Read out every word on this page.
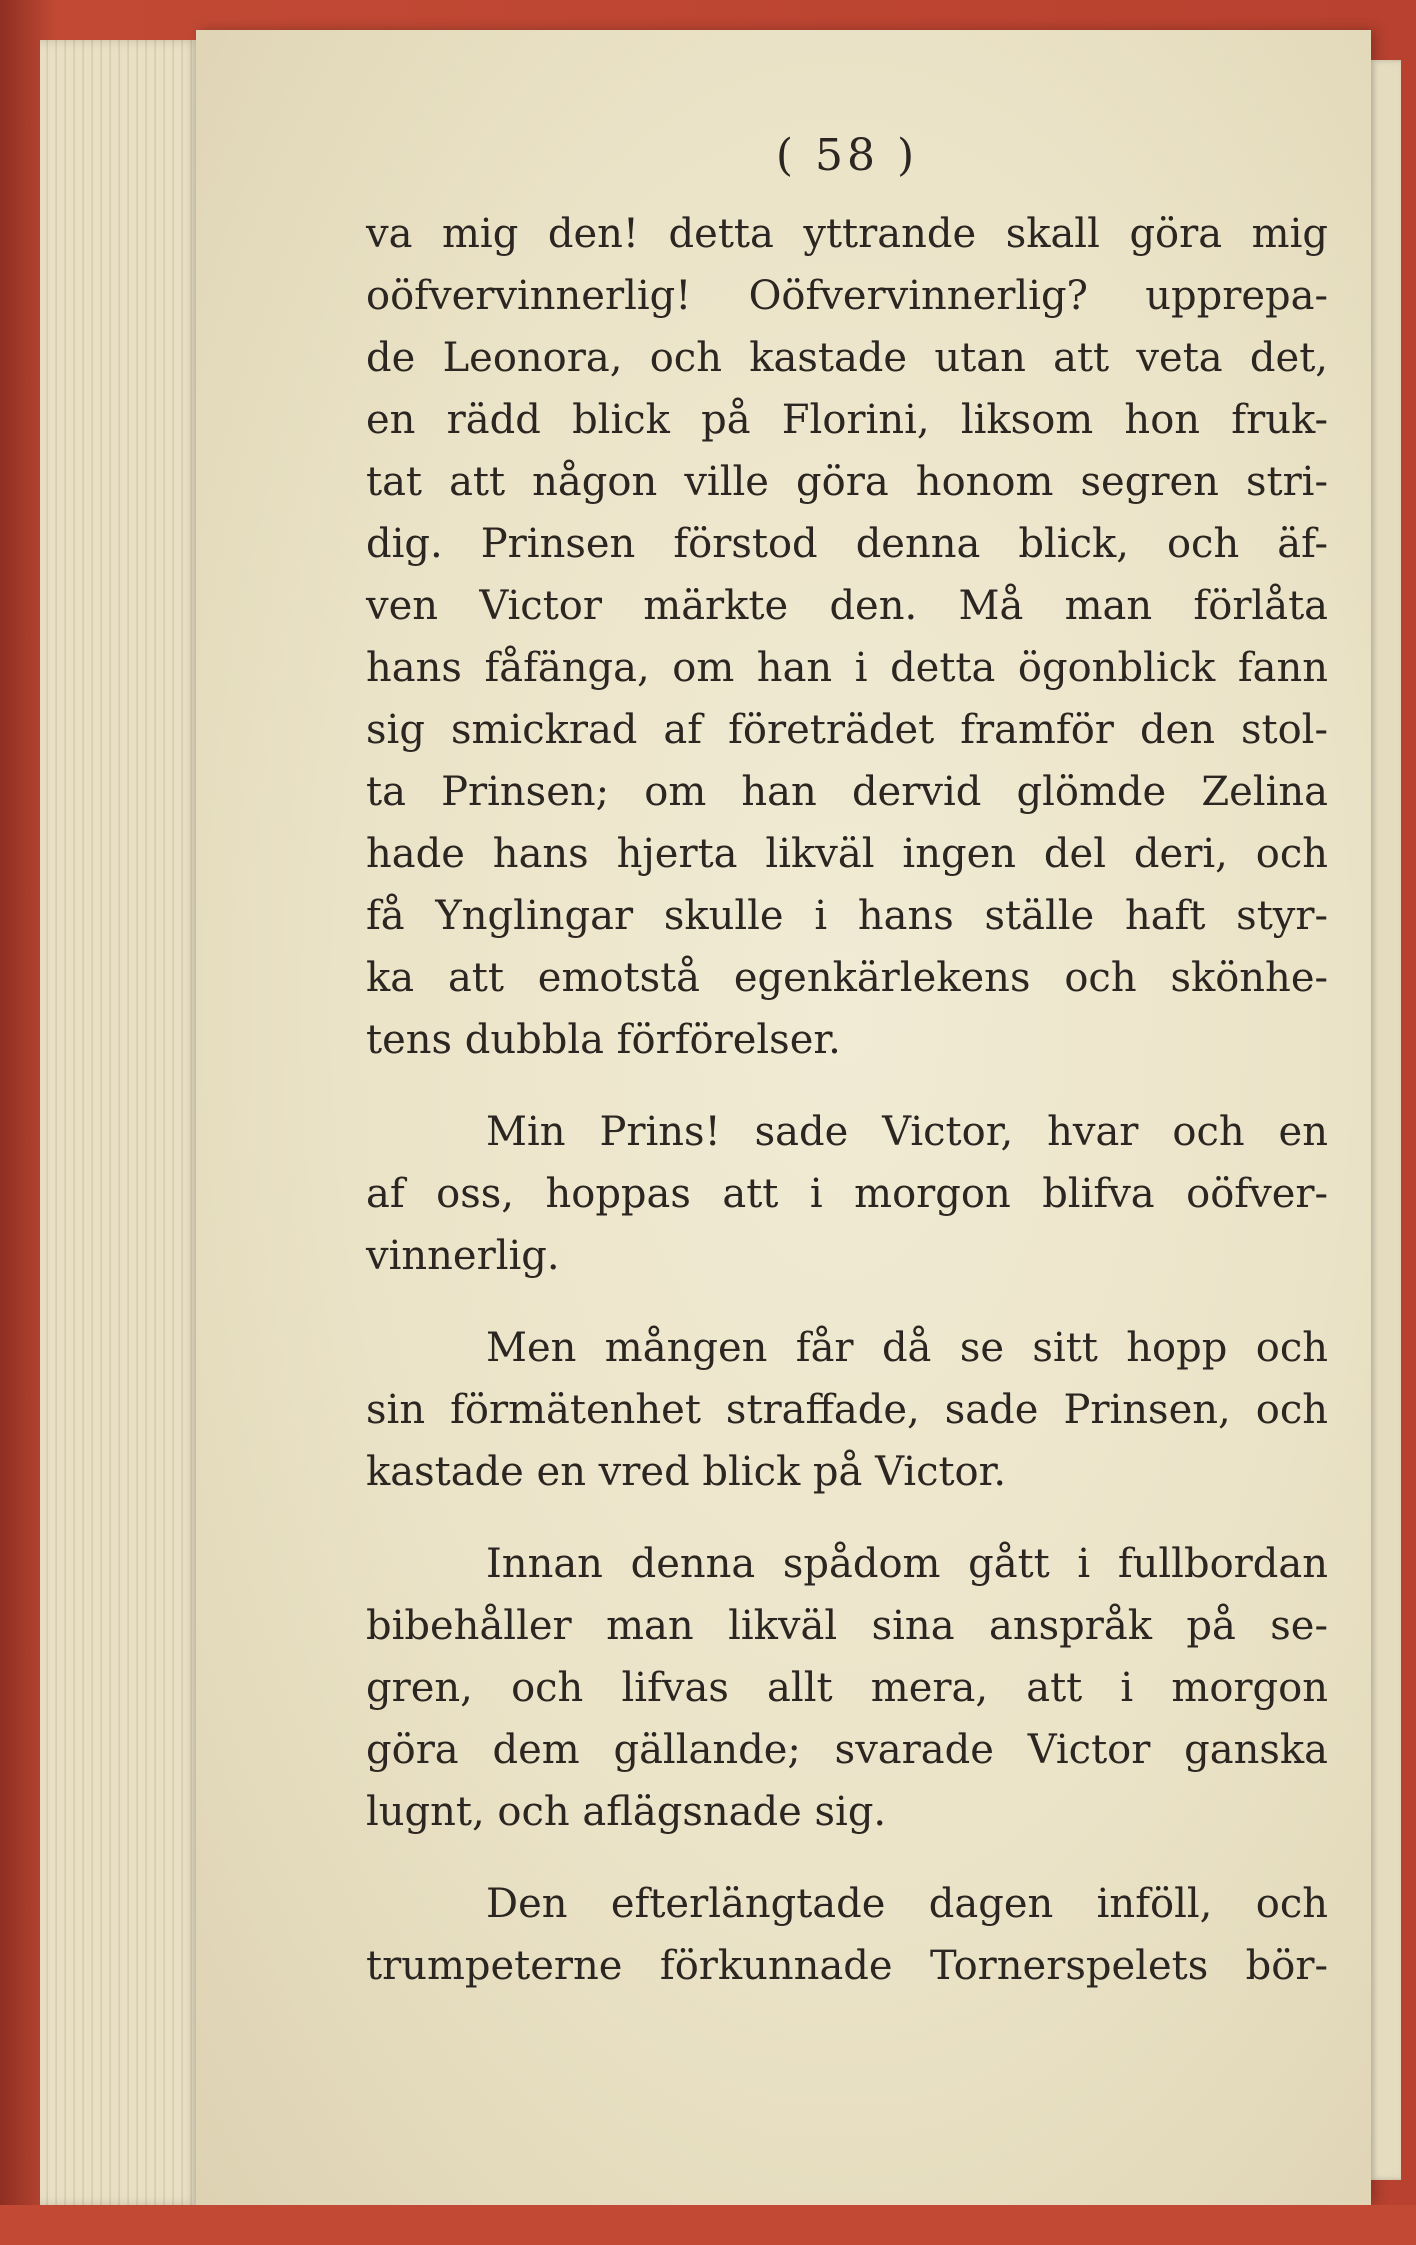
( 58 )
va mig den! detta yttrande skall göra mig
oöfvervinnerlig! Oöfvervinnerlig? upprepa-
de Leonora, och kastade utan att veta det,
en rädd blick på Florini, liksom hon fruk-
tat att någon ville göra honom segren stri-
dig. Prinsen förstod denna blick, och äf-
ven Victor märkte den. Må man förlåta
hans fåfänga, om han i detta ögonblick fann
sig smickrad af företrädet framför den stol-
ta Prinsen; om han dervid glömde Zelina
hade hans hjerta likväl ingen del deri, och
få Ynglingar skulle i hans ställe haft styr-
ka att emotstå egenkärlekens och skönhe-
tens dubbla förförelser.
Min Prins! sade Victor, hvar och en
af oss, hoppas att i morgon blifva oöfver-
vinnerlig.
Men mången får då se sitt hopp och
sin förmätenhet straffade, sade Prinsen, och
kastade en vred blick på Victor.
Innan denna spådom gått i fullbordan
bibehåller man likväl sina anspråk på se-
gren, och lifvas allt mera, att i morgon
göra dem gällande; svarade Victor ganska
lugnt, och aflägsnade sig.
Den efterlängtade dagen inföll, och
trumpeterne förkunnade Tornerspelets bör-
